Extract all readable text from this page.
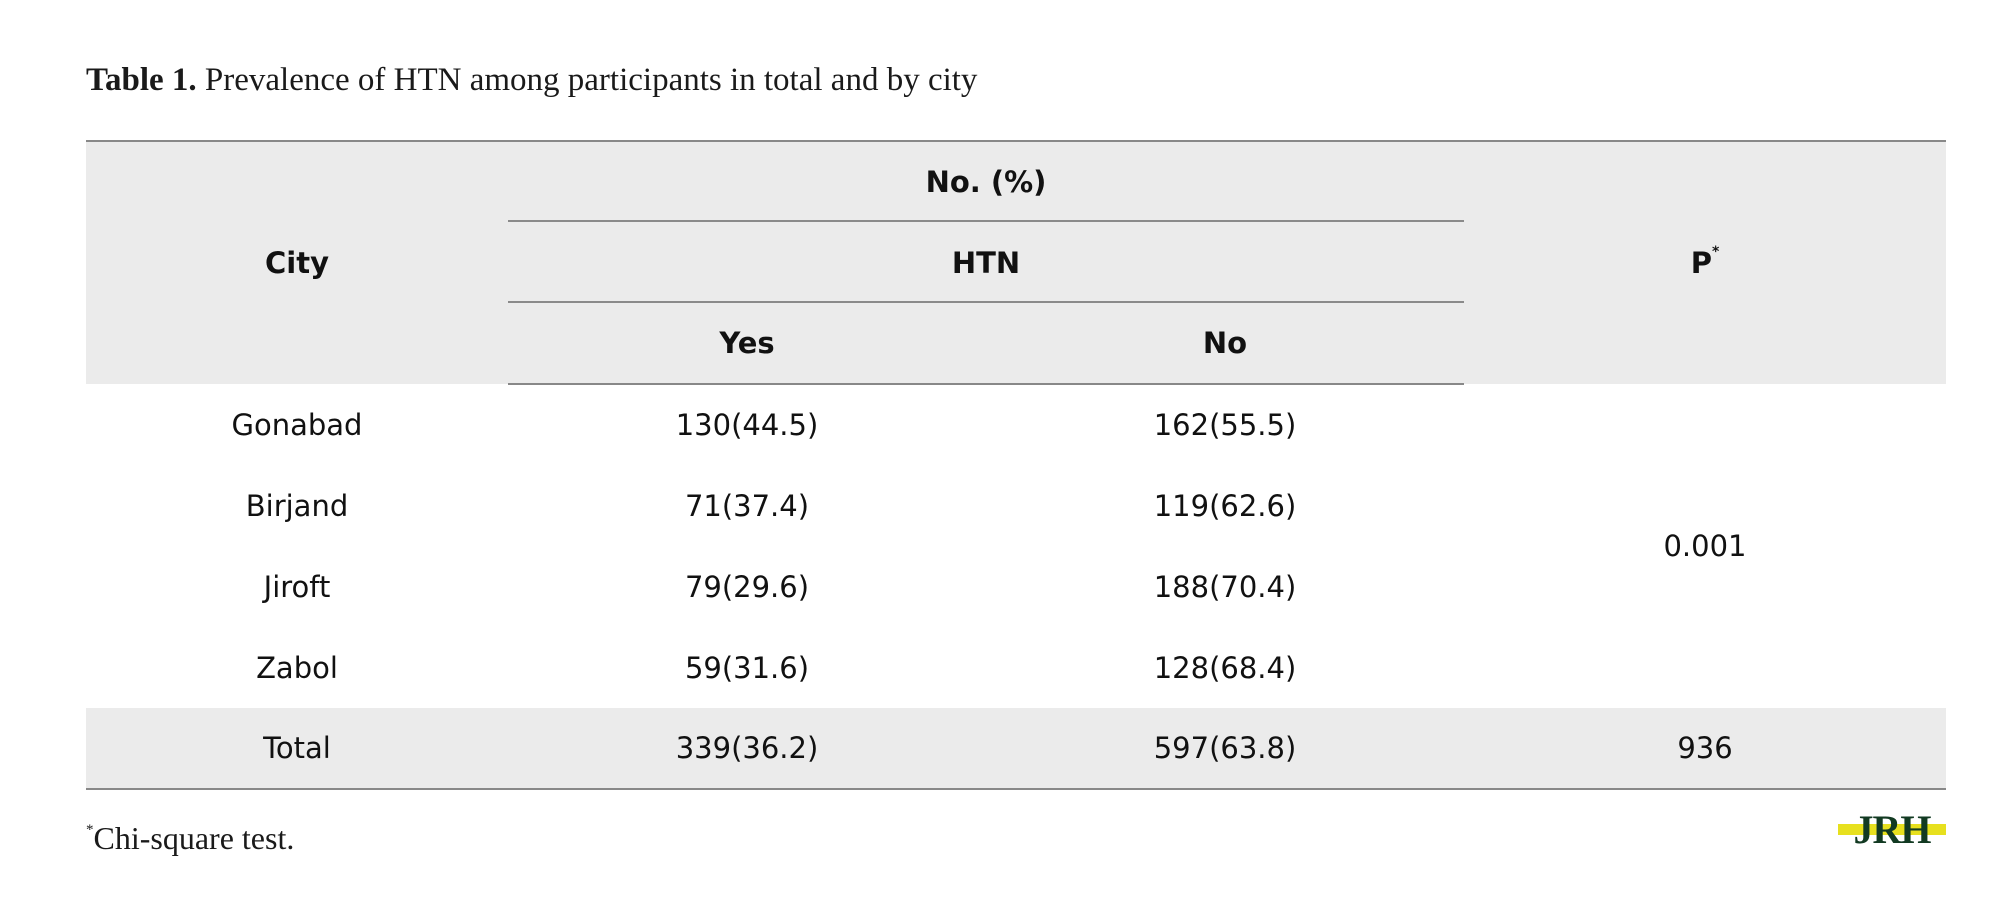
Table 1. Prevalence of HTN among participants in total and by city
City	No. (%)		P*
	HTN		
	Yes	No	
Gonabad	130(44.5)	162(55.5)	0.001
Birjand	71(37.4)	119(62.6)	
Jiroft	79(29.6)	188(70.4)	
Zabol	59(31.6)	128(68.4)	
Total	339(36.2)	597(63.8)	936
*Chi-square test.	JRH
